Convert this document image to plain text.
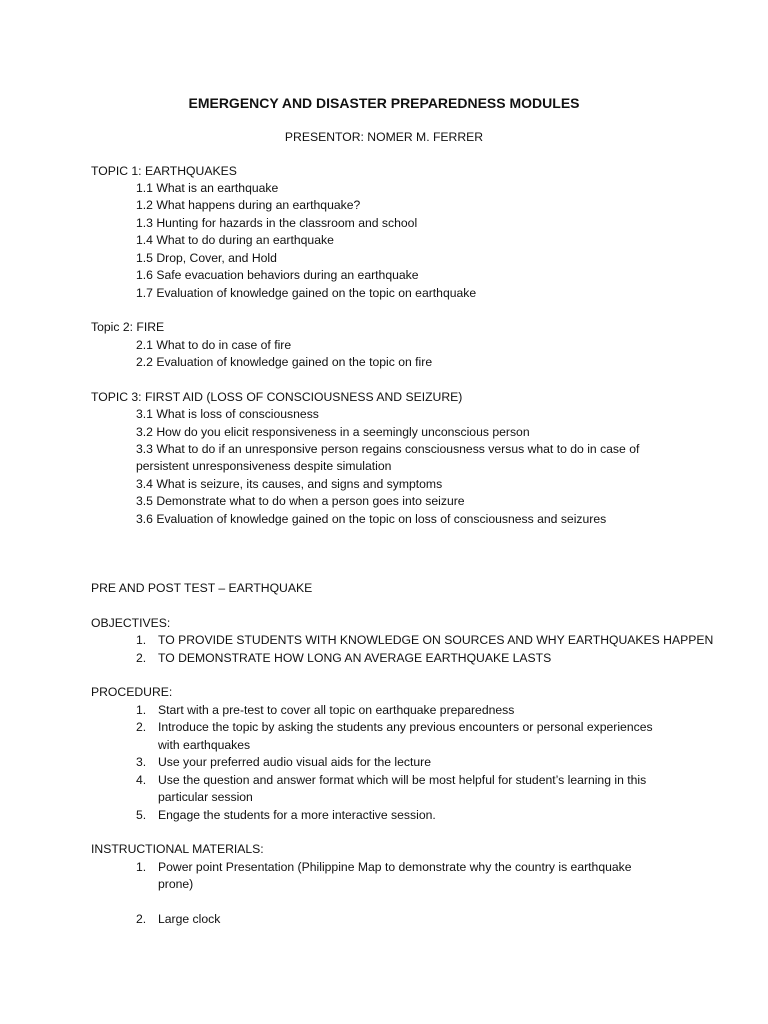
EMERGENCY AND DISASTER PREPAREDNESS MODULES
PRESENTOR: NOMER M. FERRER
TOPIC 1: EARTHQUAKES
1.1 What is an earthquake
1.2 What happens during an earthquake?
1.3 Hunting for hazards in the classroom and school
1.4 What to do during an earthquake
1.5 Drop, Cover, and Hold
1.6 Safe evacuation behaviors during an earthquake
1.7 Evaluation of knowledge gained on the topic on earthquake
Topic 2: FIRE
2.1 What to do in case of fire
2.2 Evaluation of knowledge gained on the topic on fire
TOPIC 3: FIRST AID (LOSS OF CONSCIOUSNESS AND SEIZURE)
3.1 What is loss of consciousness
3.2 How do you elicit responsiveness in a seemingly unconscious person
3.3 What to do if an unresponsive person regains consciousness versus what to do in case of
persistent unresponsiveness despite simulation
3.4 What is seizure, its causes, and signs and symptoms
3.5 Demonstrate what to do when a person goes into seizure
3.6 Evaluation of knowledge gained on the topic on loss of consciousness and seizures
PRE AND POST TEST – EARTHQUAKE
OBJECTIVES:
1. TO PROVIDE STUDENTS WITH KNOWLEDGE ON SOURCES AND WHY EARTHQUAKES HAPPEN
2. TO DEMONSTRATE HOW LONG AN AVERAGE EARTHQUAKE LASTS
PROCEDURE:
1. Start with a pre-test to cover all topic on earthquake preparedness
2. Introduce the topic by asking the students any previous encounters or personal experiences
with earthquakes
3. Use your preferred audio visual aids for the lecture
4. Use the question and answer format which will be most helpful for student’s learning in this
particular session
5. Engage the students for a more interactive session.
INSTRUCTIONAL MATERIALS:
1. Power point Presentation (Philippine Map to demonstrate why the country is earthquake
prone)
2. Large clock
